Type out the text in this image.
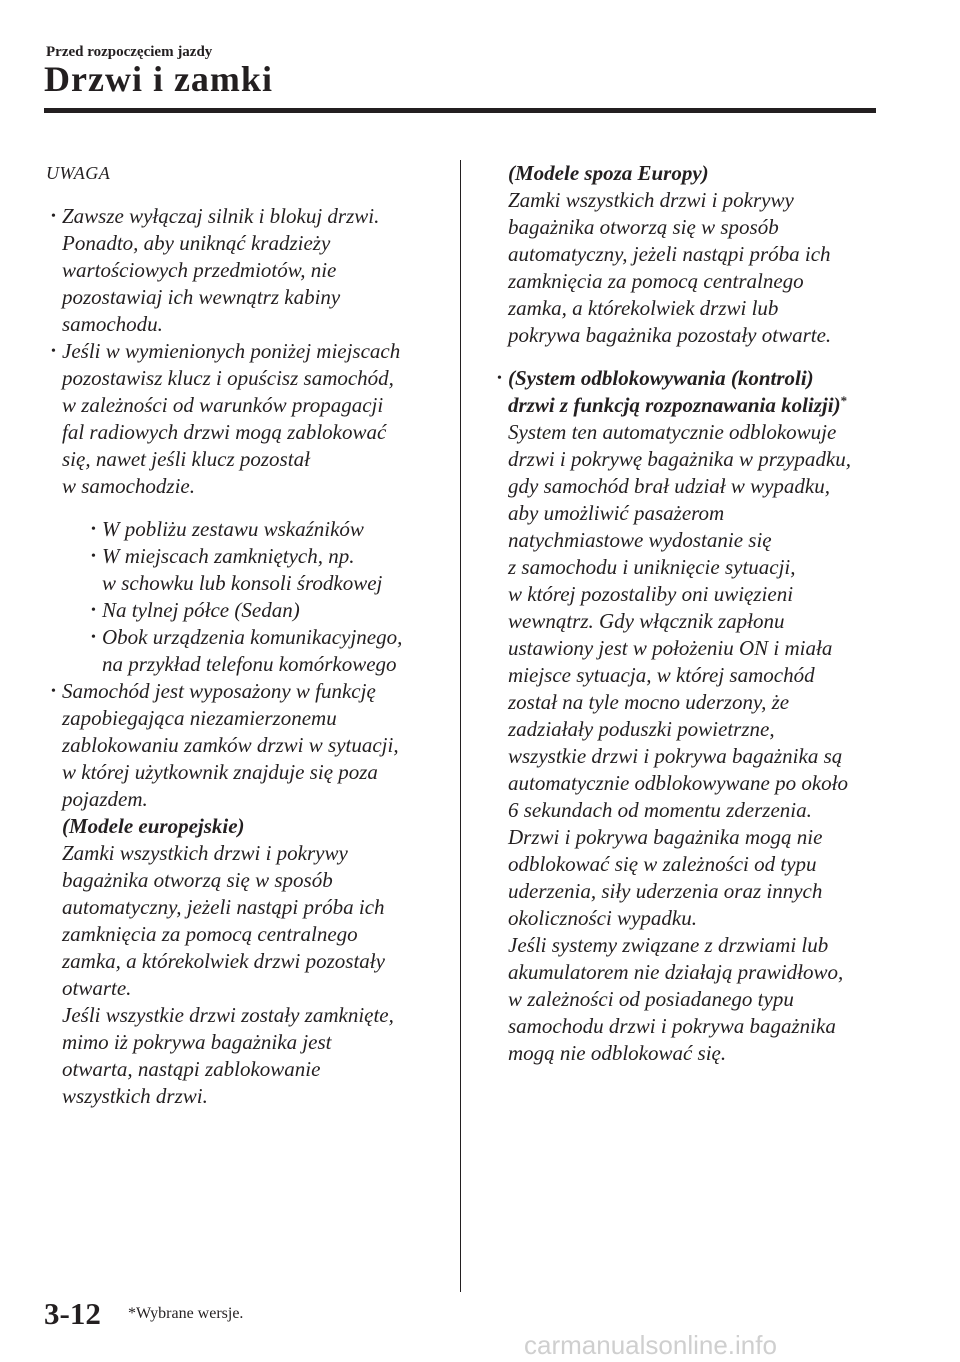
Przed rozpoczęciem jazdy
Drzwi i zamki
UWAGA
• Zawsze wyłączaj silnik i blokuj drzwi.
Ponadto, aby uniknąć kradzieży
wartościowych przedmiotów, nie
pozostawiaj ich wewnątrz kabiny
samochodu.
• Jeśli w wymienionych poniżej miejscach
pozostawisz klucz i opuścisz samochód,
w zależności od warunków propagacji
fal radiowych drzwi mogą zablokować
się, nawet jeśli klucz pozostał
w samochodzie.
• W pobliżu zestawu wskaźników
• W miejscach zamkniętych, np.
w schowku lub konsoli środkowej
• Na tylnej półce (Sedan)
• Obok urządzenia komunikacyjnego,
na przykład telefonu komórkowego
• Samochód jest wyposażony w funkcję
zapobiegająca niezamierzonemu
zablokowaniu zamków drzwi w sytuacji,
w której użytkownik znajduje się poza
pojazdem.
(Modele europejskie)
Zamki wszystkich drzwi i pokrywy
bagażnika otworzą się w sposób
automatyczny, jeżeli nastąpi próba ich
zamknięcia za pomocą centralnego
zamka, a którekolwiek drzwi pozostały
otwarte.
Jeśli wszystkie drzwi zostały zamknięte,
mimo iż pokrywa bagażnika jest
otwarta, nastąpi zablokowanie
wszystkich drzwi.
(Modele spoza Europy)
Zamki wszystkich drzwi i pokrywy
bagażnika otworzą się w sposób
automatyczny, jeżeli nastąpi próba ich
zamknięcia za pomocą centralnego
zamka, a którekolwiek drzwi lub
pokrywa bagażnika pozostały otwarte.
• (System odblokowywania (kontroli)
drzwi z funkcją rozpoznawania kolizji)*
System ten automatycznie odblokowuje
drzwi i pokrywę bagażnika w przypadku,
gdy samochód brał udział w wypadku,
aby umożliwić pasażerom
natychmiastowe wydostanie się
z samochodu i uniknięcie sytuacji,
w której pozostaliby oni uwięzieni
wewnątrz. Gdy włącznik zapłonu
ustawiony jest w położeniu ON i miała
miejsce sytuacja, w której samochód
został na tyle mocno uderzony, że
zadziałały poduszki powietrzne,
wszystkie drzwi i pokrywa bagażnika są
automatycznie odblokowywane po około
6 sekundach od momentu zderzenia.
Drzwi i pokrywa bagażnika mogą nie
odblokować się w zależności od typu
uderzenia, siły uderzenia oraz innych
okoliczności wypadku.
Jeśli systemy związane z drzwiami lub
akumulatorem nie działają prawidłowo,
w zależności od posiadanego typu
samochodu drzwi i pokrywa bagażnika
mogą nie odblokować się.
3-12 *Wybrane wersje.
carmanualsonline.info
